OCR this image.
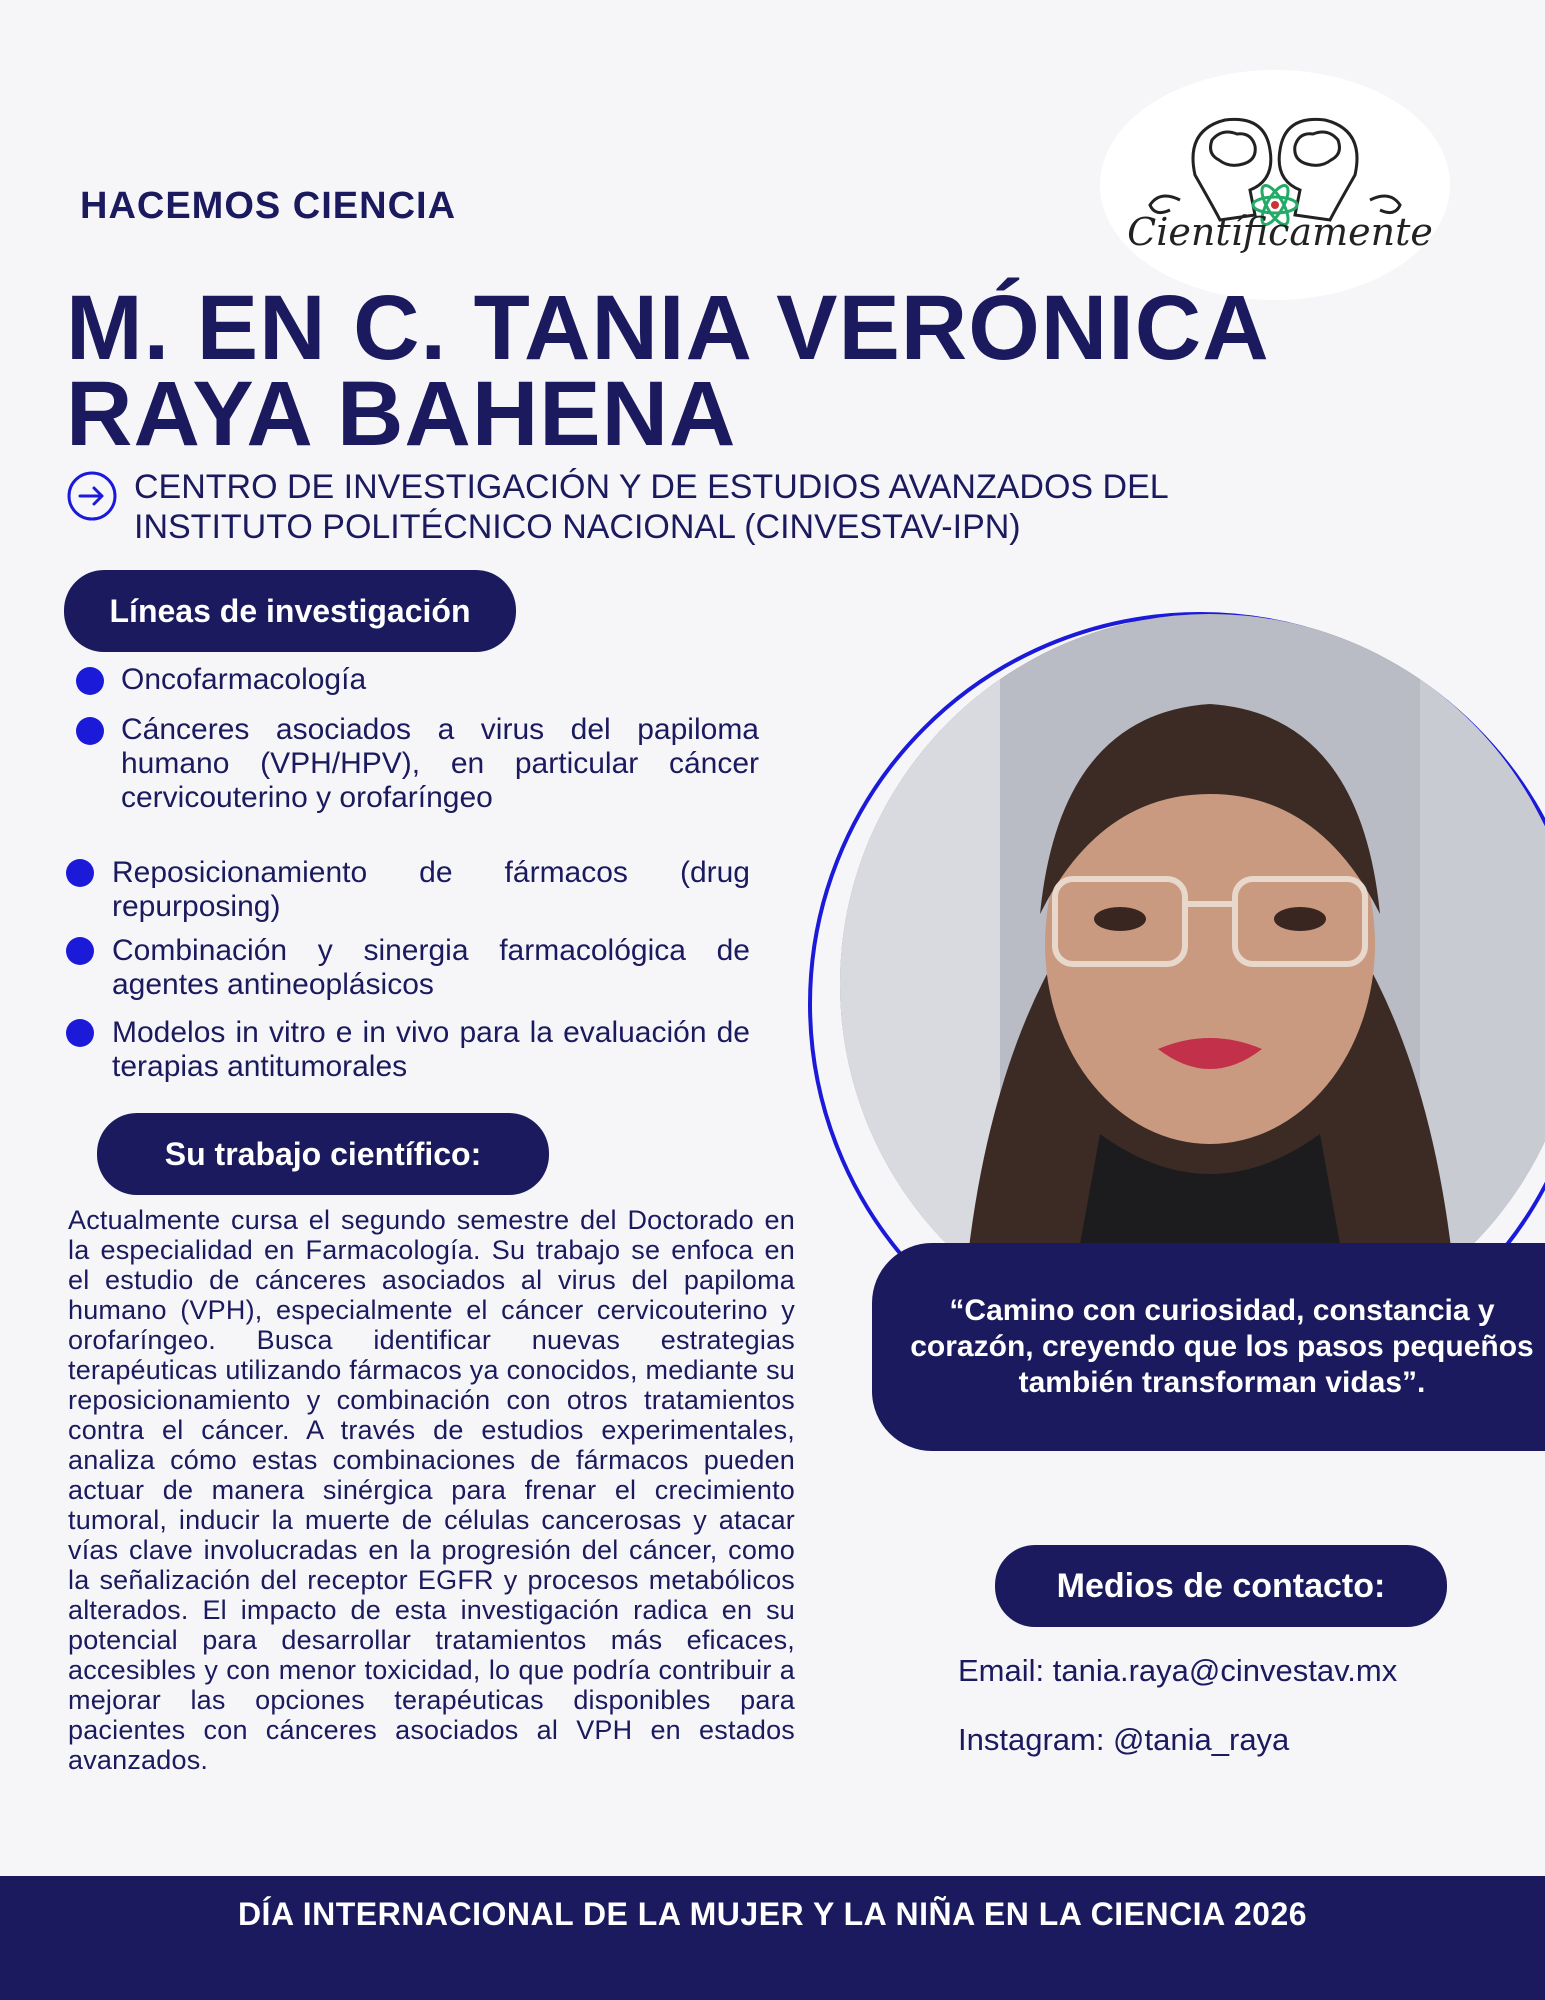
Científicamente
HACEMOS CIENCIA
M. EN C. TANIA VERÓNICA
RAYA BAHENA
CENTRO DE INVESTIGACIÓN Y DE ESTUDIOS AVANZADOS DEL
INSTITUTO POLITÉCNICO NACIONAL (CINVESTAV-IPN)
Líneas de investigación
Oncofarmacología
Cánceres asociados a virus del papiloma humano (VPH/HPV), en particular cáncer cervicouterino y orofaríngeo
Reposicionamiento de fármacos (drug repurposing)
Combinación y sinergia farmacológica de agentes antineoplásicos
Modelos in vitro e in vivo para la evaluación de terapias antitumorales
Su trabajo científico:
Actualmente cursa el segundo semestre del Doctorado en la especialidad en Farmacología. Su trabajo se enfoca en el estudio de cánceres asociados al virus del papiloma humano (VPH), especialmente el cáncer cervicouterino y orofaríngeo. Busca identificar nuevas estrategias terapéuticas utilizando fármacos ya conocidos, mediante su reposicionamiento y combinación con otros tratamientos contra el cáncer. A través de estudios experimentales, analiza cómo estas combinaciones de fármacos pueden actuar de manera sinérgica para frenar el crecimiento tumoral, inducir la muerte de células cancerosas y atacar vías clave involucradas en la progresión del cáncer, como la señalización del receptor EGFR y procesos metabólicos alterados. El impacto de esta investigación radica en su potencial para desarrollar tratamientos más eficaces, accesibles y con menor toxicidad, lo que podría contribuir a mejorar las opciones terapéuticas disponibles para pacientes con cánceres asociados al VPH en estados avanzados.
“Camino con curiosidad, constancia y corazón, creyendo que los pasos pequeños también transforman vidas”.
Medios de contacto:
Email: tania.raya@cinvestav.mx
Instagram: @tania_raya
DÍA INTERNACIONAL DE LA MUJER Y LA NIÑA EN LA CIENCIA 2026
